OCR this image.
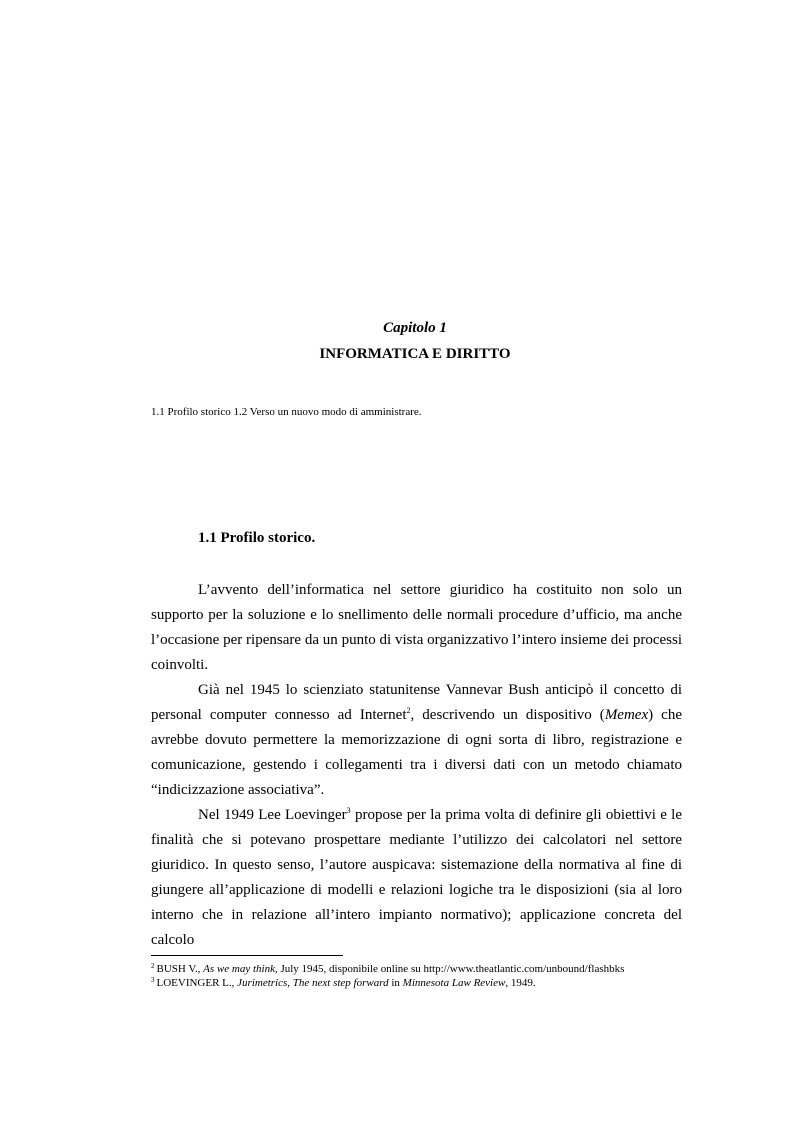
Capitolo 1
INFORMATICA E DIRITTO
1.1 Profilo storico 1.2 Verso un nuovo modo di amministrare.
1.1 Profilo storico.

L’avvento dell’informatica nel settore giuridico ha costituito non solo un supporto per la soluzione e lo snellimento delle normali procedure d’ufficio, ma anche l’occasione per ripensare da un punto di vista organizzativo l’intero insieme dei processi coinvolti.

Già nel 1945 lo scienziato statunitense Vannevar Bush anticipò il concetto di personal computer connesso ad Internet$^2$, descrivendo un dispositivo (Memex) che avrebbe dovuto permettere la memorizzazione di ogni sorta di libro, registrazione e comunicazione, gestendo i collegamenti tra i diversi dati con un metodo chiamato “indicizzazione associativa”.

Nel 1949 Lee Loevinger$^3$ propose per la prima volta di definire gli obiettivi e le finalità che si potevano prospettare mediante l’utilizzo dei calcolatori nel settore giuridico. In questo senso, l’autore auspicava: sistemazione della normativa al fine di giungere all’applicazione di modelli e relazioni logiche tra le disposizioni (sia al loro interno che in relazione all’intero impianto normativo); applicazione concreta del calcolo

$^2$ BUSH V., As we may think, July 1945, disponibile online su http://www.theatlantic.com/unbound/flashbks
$^3$ LOEVINGER L., Jurimetrics, The next step forward in Minnesota Law Review, 1949.
